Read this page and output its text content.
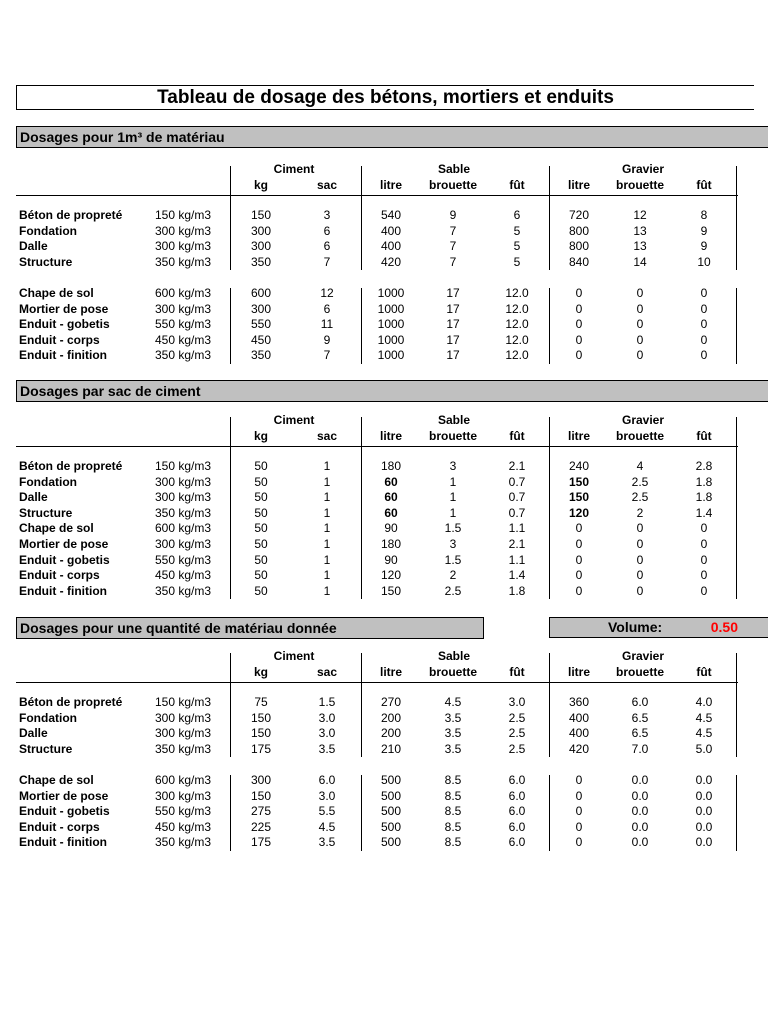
Tableau de dosage des bétons, mortiers et enduits
Dosages pour 1m³ de matériau
Dosages par sac de ciment
Dosages pour une quantité de matériau donnée	Volume:	0.50
Ciment	Sable	Gravier
kg	sac	litre brouette	fût	litre brouette	fût
Béton de propreté	150 kg/m3	150	3	540	9	6	720	12	8
Fondation	300 kg/m3	300	6	400	7	5	800	13	9
Dalle	300 kg/m3	300	6	400	7	5	800	13	9
Structure	350 kg/m3	350	7	420	7	5	840	14	10
Chape de sol	600 kg/m3	600	12	1000	17	12.0	0	0	0
Mortier de pose	300 kg/m3	300	6	1000	17	12.0	0	0	0
Enduit - gobetis	550 kg/m3	550	11	1000	17	12.0	0	0	0
Enduit - corps	450 kg/m3	450	9	1000	17	12.0	0	0	0
Enduit - finition	350 kg/m3	350	7	1000	17	12.0	0	0	0
Ciment	Sable	Gravier
kg	sac	litre brouette	fût	litre brouette	fût
Béton de propreté	150 kg/m3	50	1	180	3	2.1	240	4	2.8
Fondation	300 kg/m3	50	1	60	1	0.7	150	2.5	1.8
Dalle	300 kg/m3	50	1	60	1	0.7	150	2.5	1.8
Structure	350 kg/m3	50	1	60	1	0.7	120	2	1.4
Chape de sol	600 kg/m3	50	1	90	1.5	1.1	0	0	0
Mortier de pose	300 kg/m3	50	1	180	3	2.1	0	0	0
Enduit - gobetis	550 kg/m3	50	1	90	1.5	1.1	0	0	0
Enduit - corps	450 kg/m3	50	1	120	2	1.4	0	0	0
Enduit - finition	350 kg/m3	50	1	150	2.5	1.8	0	0	0
Ciment	Sable	Gravier
kg	sac	litre brouette	fût	litre brouette	fût
Béton de propreté	150 kg/m3	75	1.5	270	4.5	3.0	360	6.0	4.0
Fondation	300 kg/m3	150	3.0	200	3.5	2.5	400	6.5	4.5
Dalle	300 kg/m3	150	3.0	200	3.5	2.5	400	6.5	4.5
Structure	350 kg/m3	175	3.5	210	3.5	2.5	420	7.0	5.0
Chape de sol	600 kg/m3	300	6.0	500	8.5	6.0	0	0.0	0.0
Mortier de pose	300 kg/m3	150	3.0	500	8.5	6.0	0	0.0	0.0
Enduit - gobetis	550 kg/m3	275	5.5	500	8.5	6.0	0	0.0	0.0
Enduit - corps	450 kg/m3	225	4.5	500	8.5	6.0	0	0.0	0.0
Enduit - finition	350 kg/m3	175	3.5	500	8.5	6.0	0	0.0	0.0
